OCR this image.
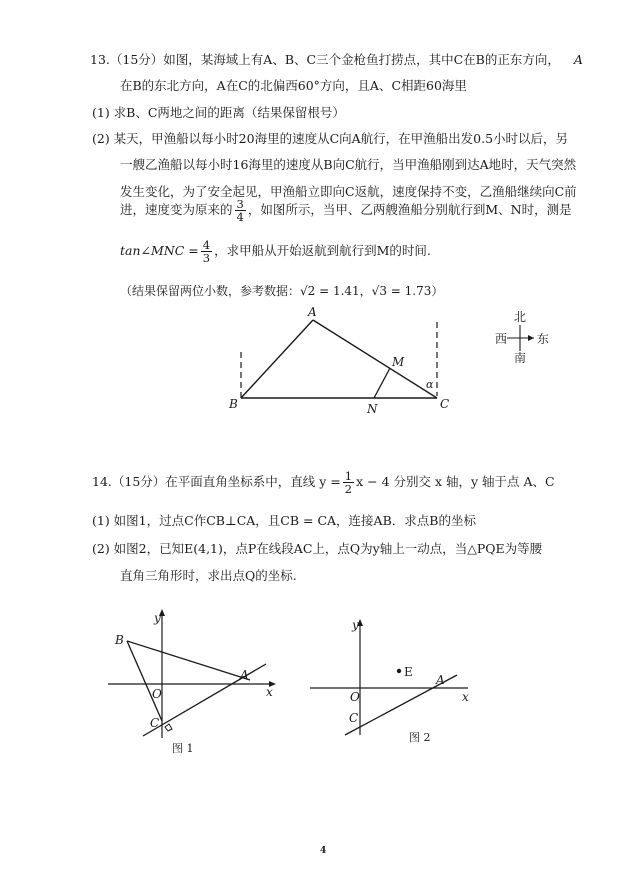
13.（15分）如图，某海域上有A、B、C三个金枪鱼打捞点，其中C在B的正东方向， A
在B的东北方向，A在C的北偏西60°方向，且A、C相距60海里
(1) 求B、C两地之间的距离（结果保留根号）
(2) 某天，甲渔船以每小时20海里的速度从C向A航行，在甲渔船出发0.5小时以后，另
一艘乙渔船以每小时16海里的速度从B向C航行，当甲渔船刚到达A地时，天气突然
发生变化，为了安全起见，甲渔船立即向C返航，速度保持不变，乙渔船继续向C前
进，速度变为原来的 $\frac{3}{4}$ ，如图所示，当甲、乙两艘渔船分别航行到M、N时，测是
tan∠MNC = $\frac{4}{3}$ ，求甲船从开始返航到航行到M的时间.
（结果保留两位小数，参考数据：√2 = 1.41，√3 = 1.73）
A
B	C
M
N
α
北
西 东
南
14.（15分）在平面直角坐标系中，直线 $y = \frac{1}{2}$ x − 4 分别交 x 轴，y 轴于点 A、C
(1) 如图1，过点C作CB⊥CA，且CB = CA，连接AB．求点B的坐标
(2) 如图2，已知E(4,1)，点P在线段AC上，点Q为y轴上一动点，当△PQE为等腰
直角三角形时，求出点Q的坐标.
y
x
O
A
B
C
图 1
y
x
O
A
C
E
图 2
4
